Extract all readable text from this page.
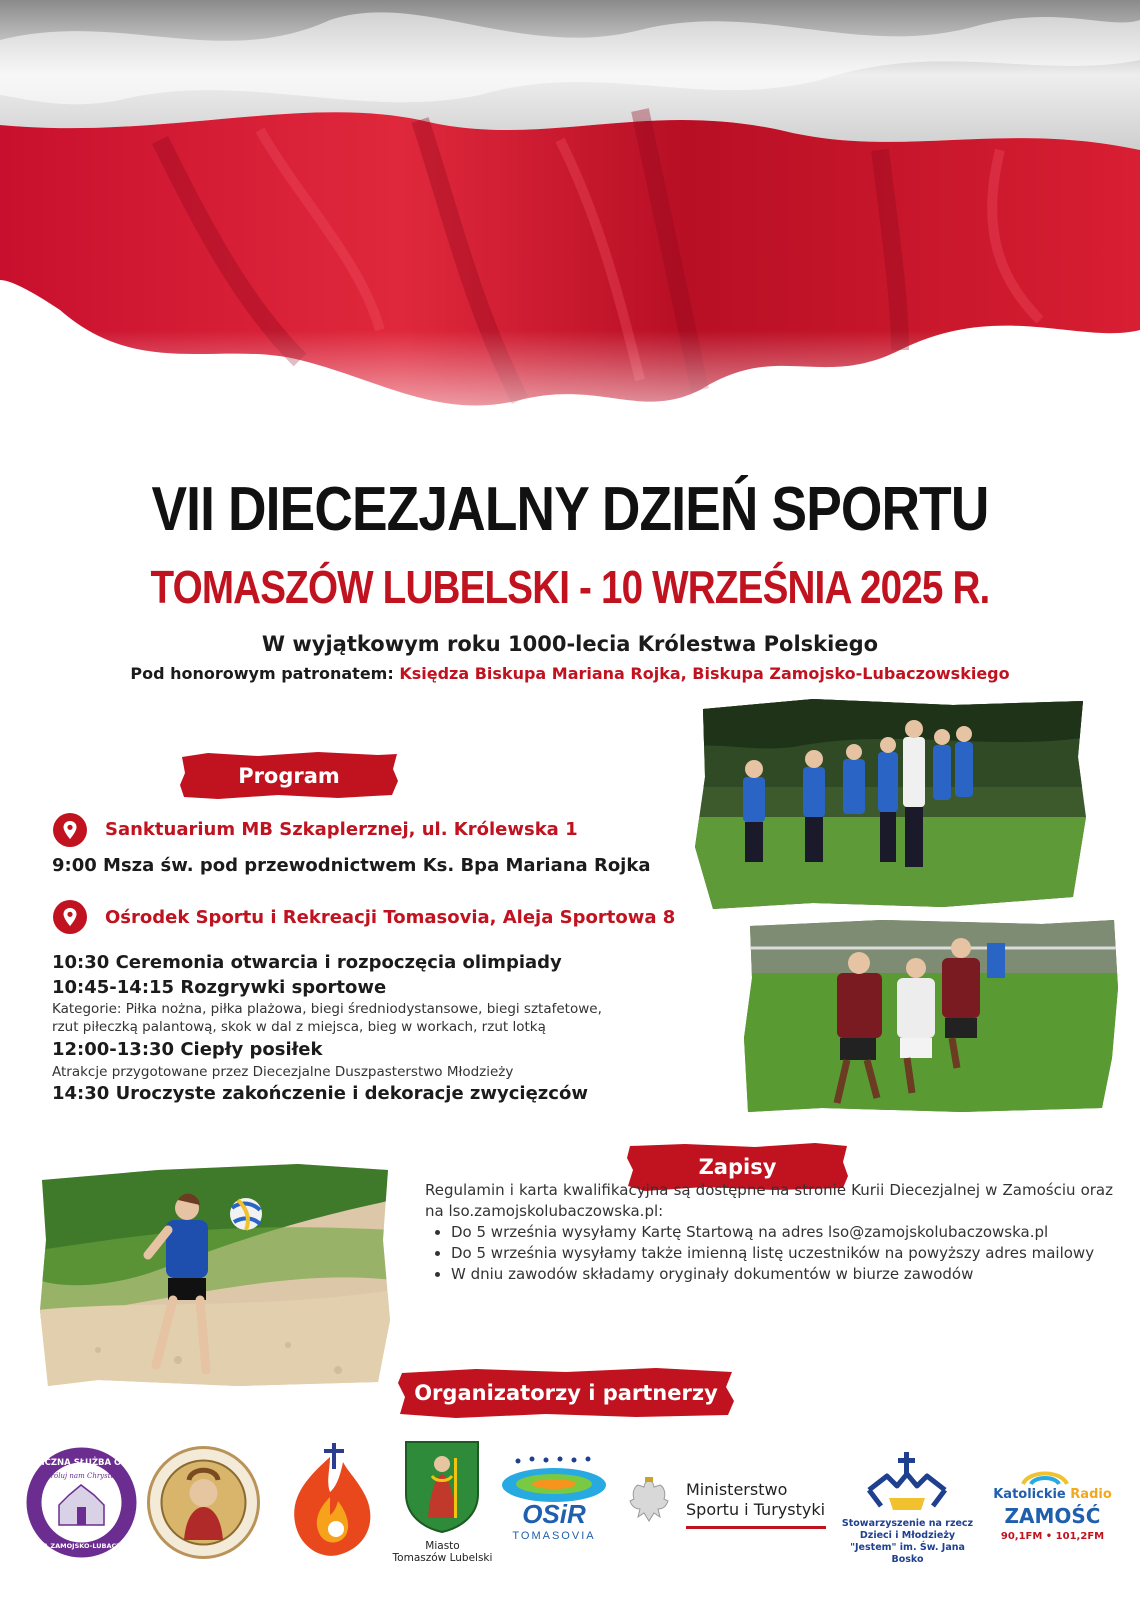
VII DIECEZJALNY DZIEŃ SPORTU
TOMASZÓW LUBELSKI - 10 WRZEŚNIA 2025 R.
W wyjątkowym roku 1000-lecia Królestwa Polskiego
Pod honorowym patronatem: Księdza Biskupa Mariana Rojka, Biskupa Zamojsko-Lubaczowskiego
Program
Sanktuarium MB Szkaplerznej, ul. Królewska 1
9:00 Msza św. pod przewodnictwem Ks. Bpa Mariana Rojka
Ośrodek Sportu i Rekreacji Tomasovia, Aleja Sportowa 8
10:30 Ceremonia otwarcia i rozpoczęcia olimpiady
10:45-14:15 Rozgrywki sportowe
Kategorie: Piłka nożna, piłka plażowa, biegi średniodystansowe, biegi sztafetowe,
rzut piłeczką palantową, skok w dal z miejsca, bieg w workach, rzut lotką
12:00-13:30 Ciepły posiłek
Atrakcje przygotowane przez Diecezjalne Duszpasterstwo Młodzieży
14:30 Uroczyste zakończenie i dekoracje zwycięzców
Zapisy

Regulamin i karta kwalifikacyjna są dostępne na stronie Kurii Diecezjalnej w Zamościu oraz na lso.zamojskolubaczowska.pl:

• Do 5 września wysyłamy Kartę Startową na adres lso@zamojskolubaczowska.pl
• Do 5 września wysyłamy także imienną listę uczestników na powyższy adres mailowy
• W dniu zawodów składamy oryginały dokumentów w biurze zawodów
Organizatorzy i partnerzy
LITURGICZNA SŁUŻBA OŁTARZA
Króluj nam Chryste!
DIECEZJA ZAMOJSKO-LUBACZOWSKA	Miasto
Tomaszów Lubelski
OSiR
TOMASOVIA
Ministerstwo
Sportu i Turystyki
Stowarzyszenie na rzecz
Dzieci i Młodzieży
"Jestem" im. Św. Jana Bosko
Katolickie Radio
ZAMOŚĆ
90,1FM • 101,2FM
